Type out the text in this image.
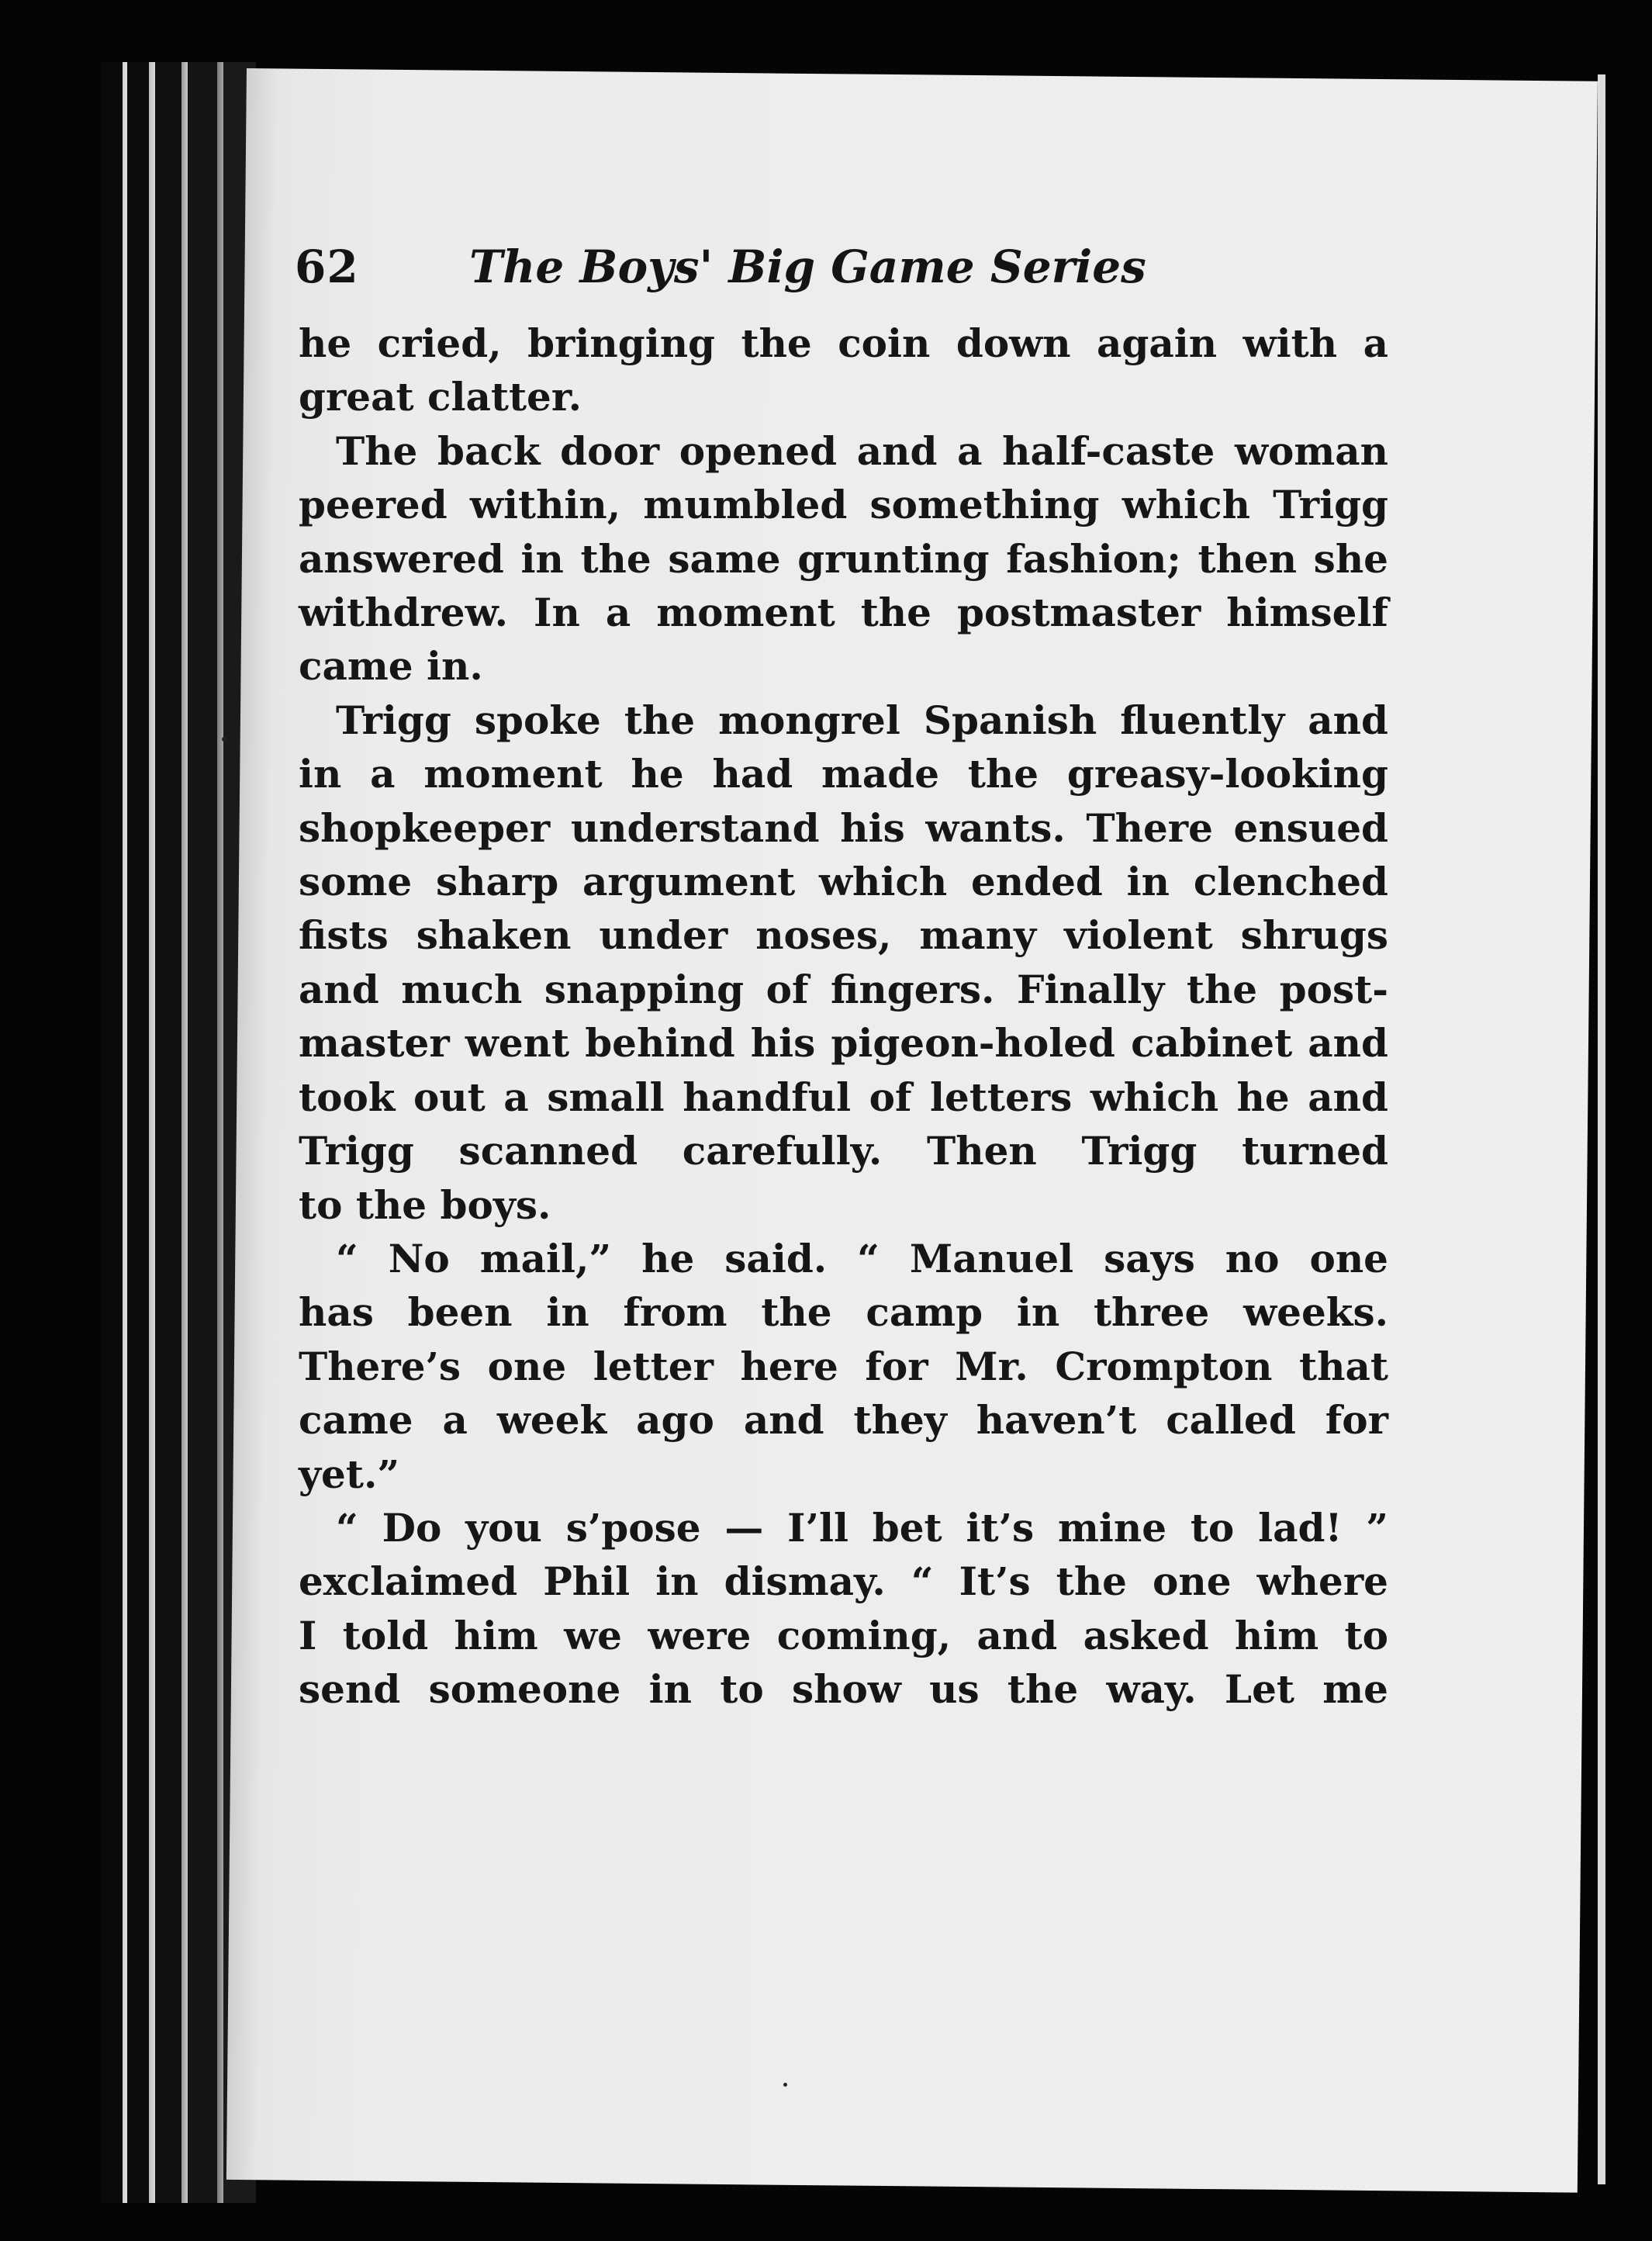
62 The Boys' Big Game Series

he cried, bringing the coin down again with a

great clatter.

The back door opened and a half-caste woman

peered within, mumbled something which Trigg

answered in the same grunting fashion; then she

withdrew. In a moment the postmaster himself

came in.

Trigg spoke the mongrel Spanish fluently and

in a moment he had made the greasy-looking

shopkeeper understand his wants. There ensued

some sharp argument which ended in clenched

fists shaken under noses, many violent shrugs

and much snapping of fingers. Finally the post-

master went behind his pigeon-holed cabinet and

took out a small handful of letters which he and

Trigg scanned carefully. Then Trigg turned

to the boys.

“ No mail,” he said. “ Manuel says no one

has been in from the camp in three weeks.

There’s one letter here for Mr. Crompton that

came a week ago and they haven’t called for

yet.”

“ Do you s’pose — I’ll bet it’s mine to lad! ”

exclaimed Phil in dismay. “ It’s the one where

I told him we were coming, and asked him to

send someone in to show us the way. Let me
